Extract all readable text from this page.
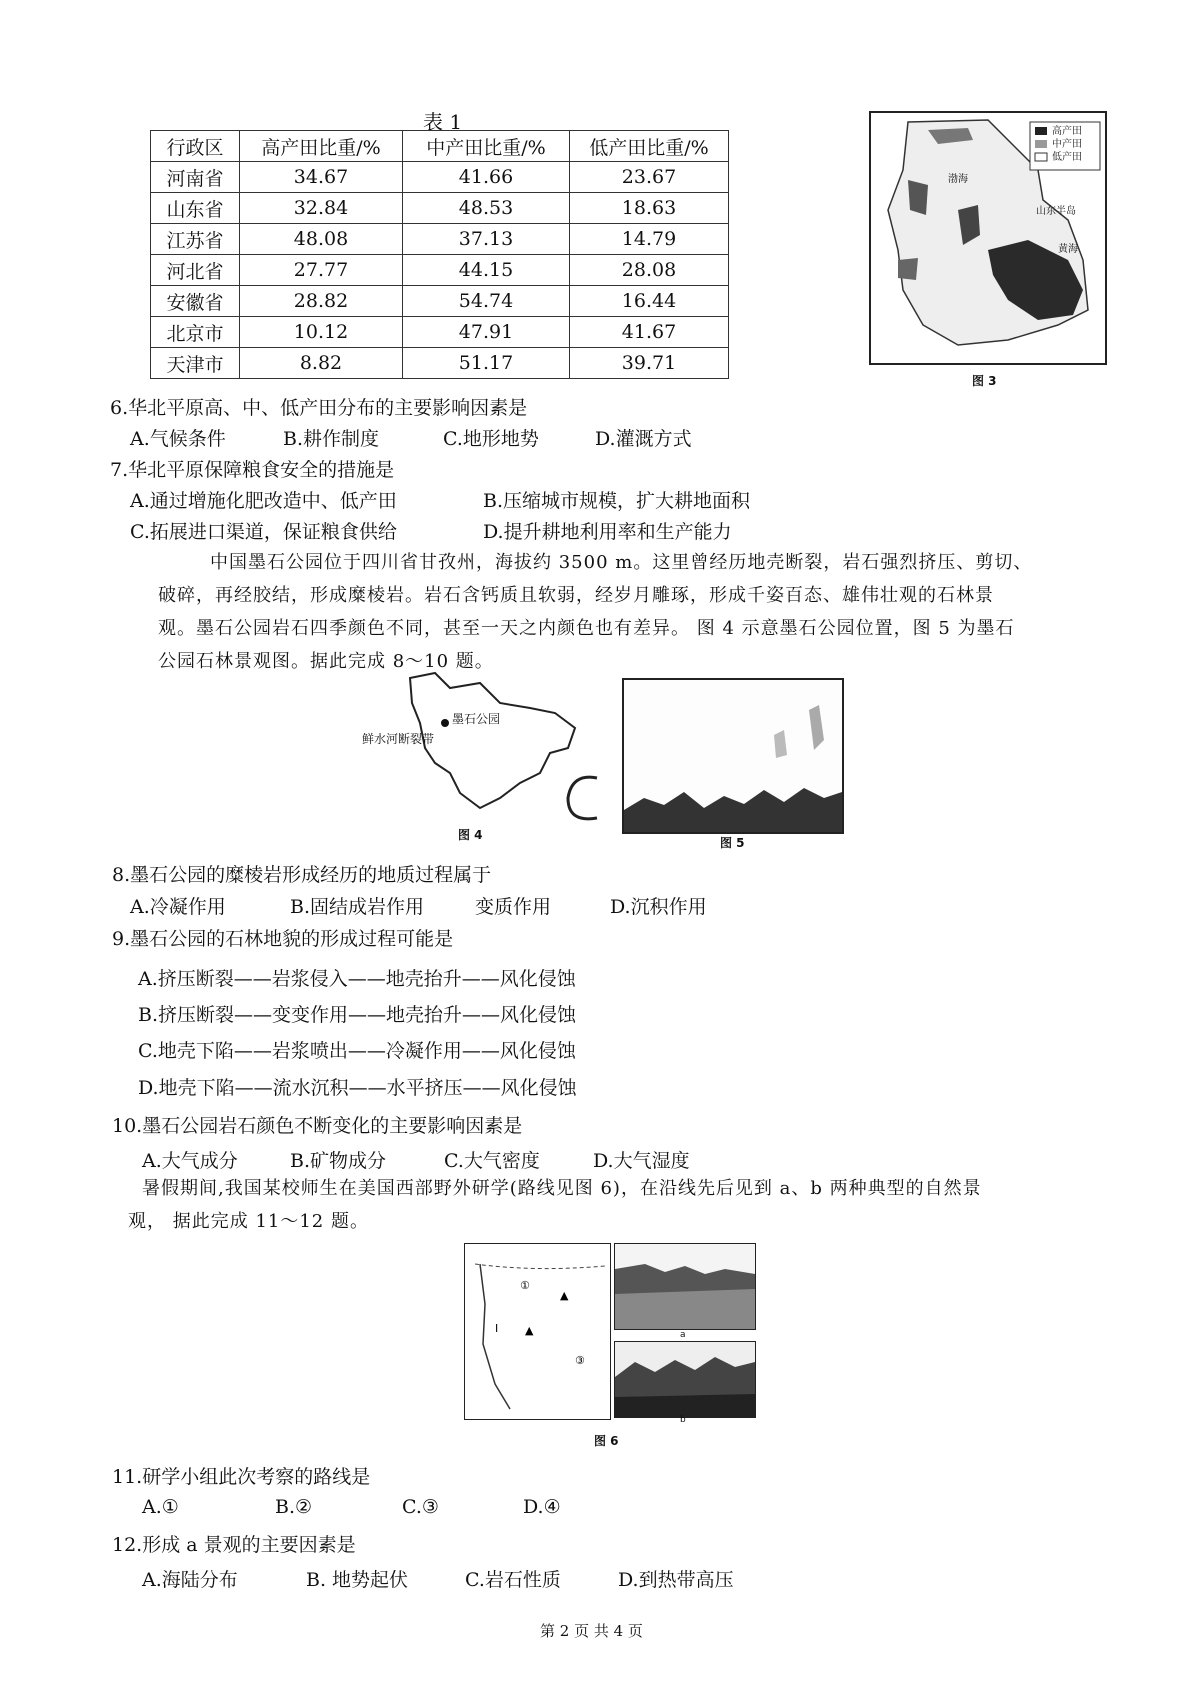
表 1
行政区	高产田比重/%	中产田比重/%	低产田比重/%
河南省	34.67	41.66	23.67
山东省	32.84	48.53	18.63
江苏省	48.08	37.13	14.79
河北省	27.77	44.15	28.08
安徽省	28.82	54.74	16.44
北京市	10.12	47.91	41.67
天津市	8.82	51.17	39.71
高产田
中产田
低产田
渤海
山东半岛
黄海
图 3
6.华北平原高、中、低产田分布的主要影响因素是
A.气候条件	B.耕作制度	C.地形地势	D.灌溉方式
7.华北平原保障粮食安全的措施是
A.通过增施化肥改造中、低产田	B.压缩城市规模，扩大耕地面积
C.拓展进口渠道，保证粮食供给	D.提升耕地利用率和生产能力
中国墨石公园位于四川省甘孜州，海拔约 3500 m。这里曾经历地壳断裂，岩石强烈挤压、剪切、
破碎，再经胶结，形成糜棱岩。岩石含钙质且软弱，经岁月雕琢，形成千姿百态、雄伟壮观的石林景
观。墨石公园岩石四季颜色不同，甚至一天之内颜色也有差异。 图 4 示意墨石公园位置，图 5 为墨石
公园石林景观图。据此完成 8～10 题。
墨石公园
鲜水河断裂带
图 4
图 5
8.墨石公园的糜棱岩形成经历的地质过程属于
A.冷凝作用	B.固结成岩作用	变质作用	D.沉积作用
9.墨石公园的石林地貌的形成过程可能是
A.挤压断裂——岩浆侵入——地壳抬升——风化侵蚀
B.挤压断裂——变变作用——地壳抬升——风化侵蚀
C.地壳下陷——岩浆喷出——冷凝作用——风化侵蚀
D.地壳下陷——流水沉积——水平挤压——风化侵蚀
10.墨石公园岩石颜色不断变化的主要影响因素是
A.大气成分	B.矿物成分	C.大气密度	D.大气湿度
暑假期间,我国某校师生在美国西部野外研学(路线见图 6)，在沿线先后见到 a、b 两种典型的自然景
观， 据此完成 11～12 题。
①
Ⅰ ▲
③
▲
a
b
图 6
11.研学小组此次考察的路线是
A.①	B.②	C.③	D.④
12.形成 a 景观的主要因素是
A.海陆分布	B. 地势起伏	C.岩石性质	D.到热带高压
第 2 页 共 4 页
